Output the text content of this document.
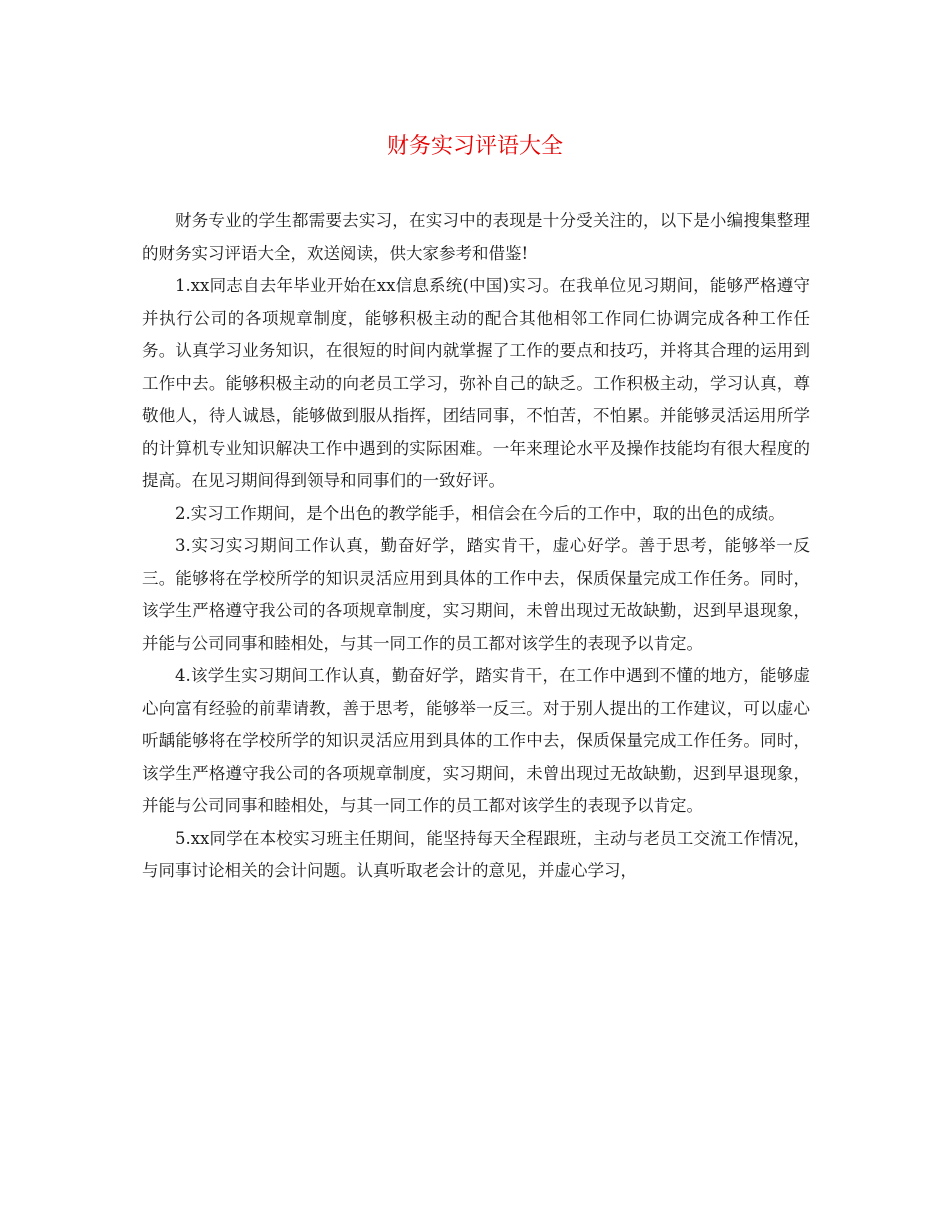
财务实习评语大全

财务专业的学生都需要去实习，在实习中的表现是十分受关注的，以下是小编搜集整理的财务实习评语大全，欢送阅读，供大家参考和借鉴!

1.xx同志自去年毕业开始在xx信息系统(中国)实习。在我单位见习期间，能够严格遵守并执行公司的各项规章制度，能够积极主动的配合其他相邻工作同仁协调完成各种工作任务。认真学习业务知识，在很短的时间内就掌握了工作的要点和技巧，并将其合理的运用到工作中去。能够积极主动的向老员工学习，弥补自己的缺乏。工作积极主动，学习认真，尊敬他人，待人诚恳，能够做到服从指挥，团结同事，不怕苦，不怕累。并能够灵活运用所学的计算机专业知识解决工作中遇到的实际困难。一年来理论水平及操作技能均有很大程度的提高。在见习期间得到领导和同事们的一致好评。

2.实习工作期间，是个出色的教学能手，相信会在今后的工作中，取的出色的成绩。

3.实习实习期间工作认真，勤奋好学，踏实肯干，虚心好学。善于思考，能够举一反三。能够将在学校所学的知识灵活应用到具体的工作中去，保质保量完成工作任务。同时，该学生严格遵守我公司的各项规章制度，实习期间，未曾出现过无故缺勤，迟到早退现象，并能与公司同事和睦相处，与其一同工作的员工都对该学生的表现予以肯定。

4.该学生实习期间工作认真，勤奋好学，踏实肯干，在工作中遇到不懂的地方，能够虚心向富有经验的前辈请教，善于思考，能够举一反三。对于别人提出的工作建议，可以虚心听龋能够将在学校所学的知识灵活应用到具体的工作中去，保质保量完成工作任务。同时，该学生严格遵守我公司的各项规章制度，实习期间，未曾出现过无故缺勤，迟到早退现象，并能与公司同事和睦相处，与其一同工作的员工都对该学生的表现予以肯定。

5.xx同学在本校实习班主任期间，能坚持每天全程跟班，主动与老员工交流工作情况，与同事讨论相关的会计问题。认真听取老会计的意见，并虚心学习，
